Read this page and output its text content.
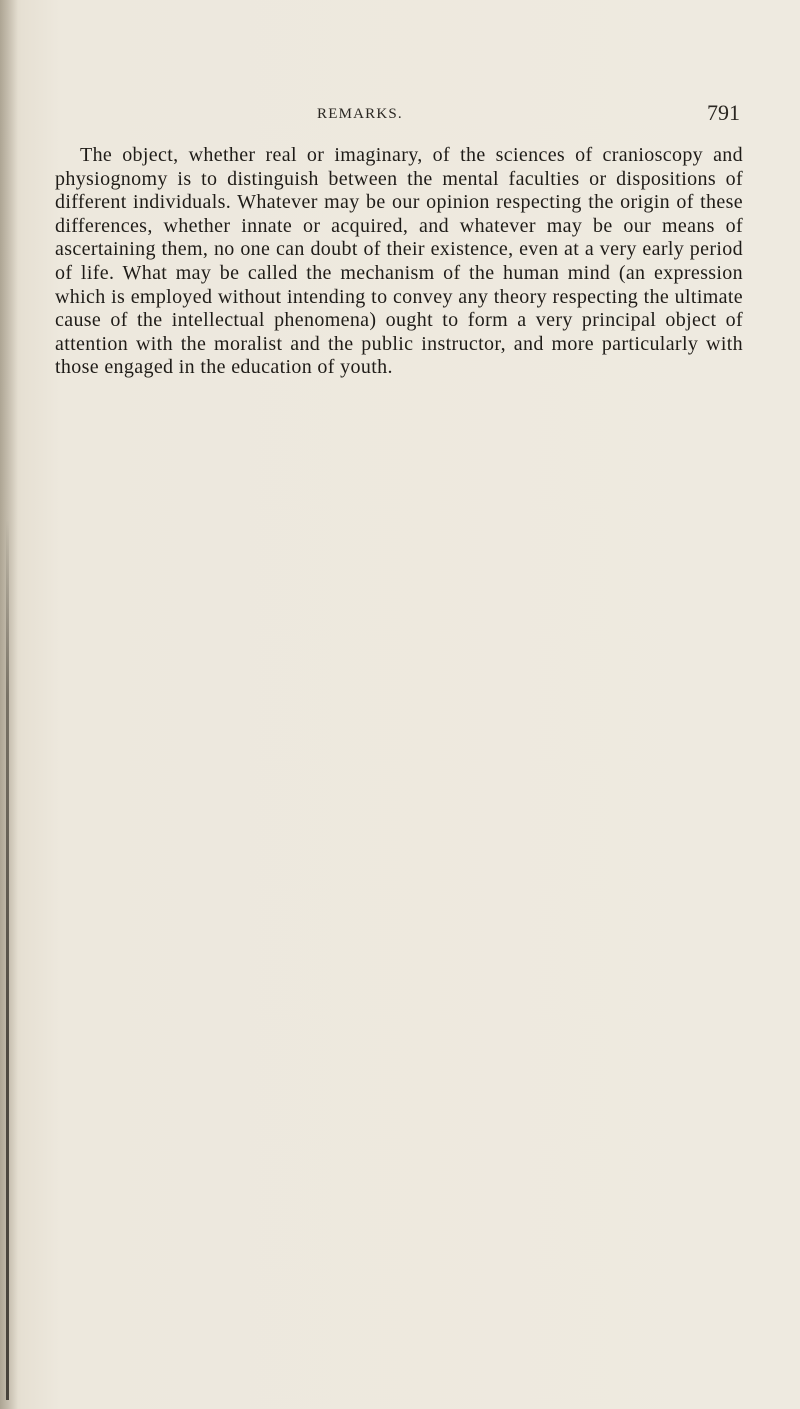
REMARKS.	791

The object, whether real or imaginary, of the sciences of cranioscopy and physiognomy is to distinguish between the mental faculties or dispositions of different individuals. Whatever may be our opinion respecting the origin of these differences, whether innate or acquired, and whatever may be our means of ascertaining them, no one can doubt of their existence, even at a very early period of life. What may be called the mechanism of the human mind (an expression which is employed without intending to convey any theory respecting the ultimate cause of the intellectual phenomena) ought to form a very principal object of attention with the moralist and the public instructor, and more particularly with those engaged in the education of youth.
